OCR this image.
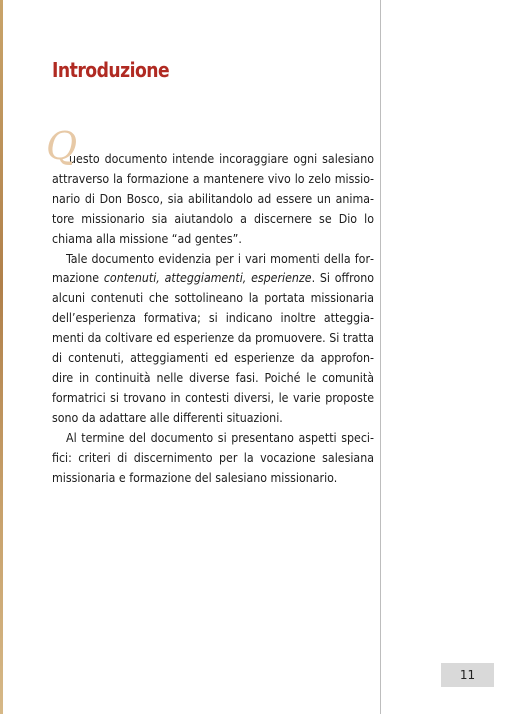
Introduzione

Q
uesto documento intende incoraggiare ogni salesiano attraverso la formazione a mantenere vivo lo zelo missionario di Don Bosco, sia abilitandolo ad essere un animatore missionario sia aiutandolo a discernere se Dio lo chiama alla missione “ad gentes”.

Tale documento evidenzia per i vari momenti della formazione contenuti, atteggiamenti, esperienze. Si offrono alcuni contenuti che sottolineano la portata missionaria dell’esperienza formativa; si indicano inoltre atteggiamenti da coltivare ed esperienze da promuovere. Si tratta di contenuti, atteggiamenti ed esperienze da approfondire in continuità nelle diverse fasi. Poiché le comunità formatrici si trovano in contesti diversi, le varie proposte sono da adattare alle differenti situazioni.

Al termine del documento si presentano aspetti specifici: criteri di discernimento per la vocazione salesiana missionaria e formazione del salesiano missionario.

11
